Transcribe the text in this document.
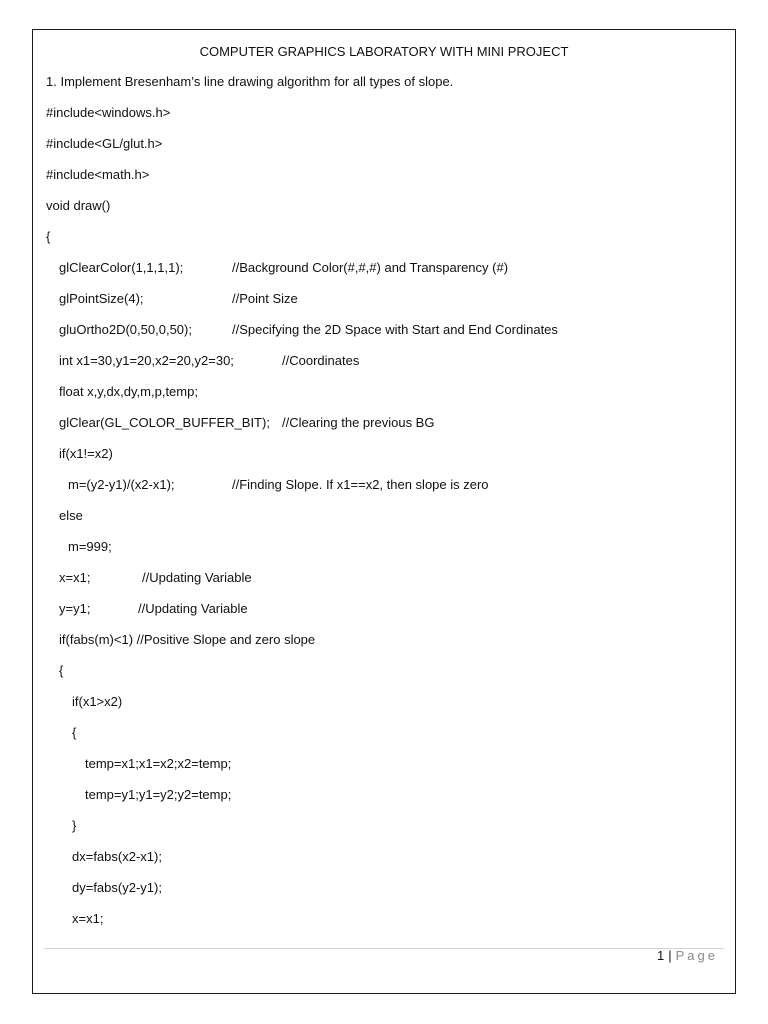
COMPUTER GRAPHICS LABORATORY WITH MINI PROJECT
1. Implement Bresenham’s line drawing algorithm for all types of slope.
#include<windows.h>
#include<GL/glut.h>
#include<math.h>
void draw()
{
glClearColor(1,1,1,1);	//Background Color(#,#,#) and Transparency (#)
glPointSize(4);	//Point Size
gluOrtho2D(0,50,0,50);	//Specifying the 2D Space with Start and End Cordinates
int x1=30,y1=20,x2=20,y2=30;	//Coordinates
float x,y,dx,dy,m,p,temp;
glClear(GL_COLOR_BUFFER_BIT); //Clearing the previous BG
if(x1!=x2)
m=(y2-y1)/(x2-x1);	//Finding Slope. If x1==x2, then slope is zero
else
m=999;
x=x1;	//Updating Variable
y=y1;	//Updating Variable
if(fabs(m)<1) //Positive Slope and zero slope
{
if(x1>x2)
{
temp=x1;x1=x2;x2=temp;
temp=y1;y1=y2;y2=temp;
}
dx=fabs(x2-x1);
dy=fabs(y2-y1);
x=x1;
1 | Page
